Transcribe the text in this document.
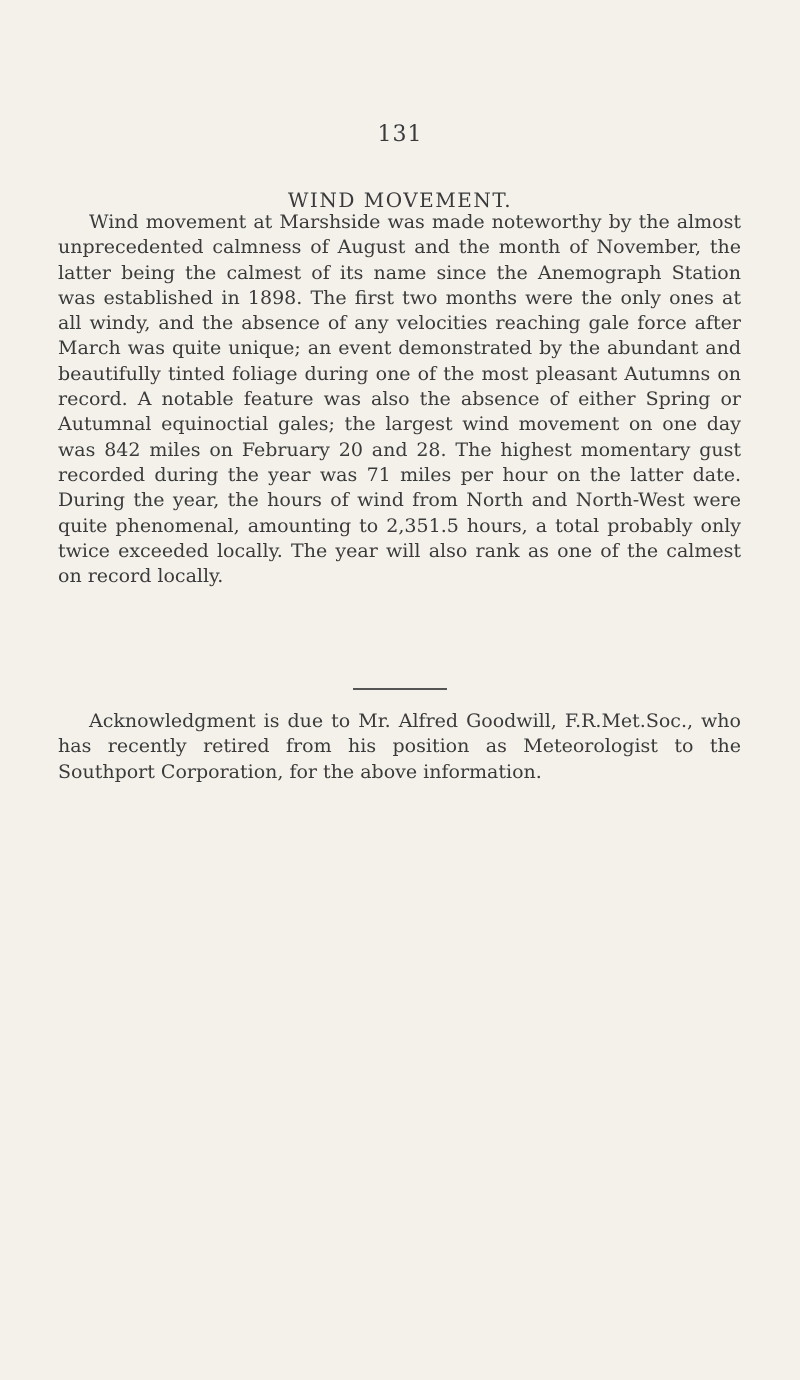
131
WIND MOVEMENT.

Wind movement at Marshside was made noteworthy by the almost unprecedented calmness of August and the month of November, the latter being the calmest of its name since the Anemograph Station was established in 1898. The first two months were the only ones at all windy, and the absence of any velocities reaching gale force after March was quite unique; an event demonstrated by the abundant and beautifully tinted foliage during one of the most pleasant Autumns on record. A notable feature was also the absence of either Spring or Autumnal equinoctial gales; the largest wind movement on one day was 842 miles on February 20 and 28. The highest momentary gust recorded during the year was 71 miles per hour on the latter date. During the year, the hours of wind from North and North-West were quite phenomenal, amounting to 2,351.5 hours, a total probably only twice exceeded locally. The year will also rank as one of the calmest on record locally.

Acknowledgment is due to Mr. Alfred Goodwill, F.R.Met.Soc., who has recently retired from his position as Meteorologist to the Southport Corporation, for the above information.
